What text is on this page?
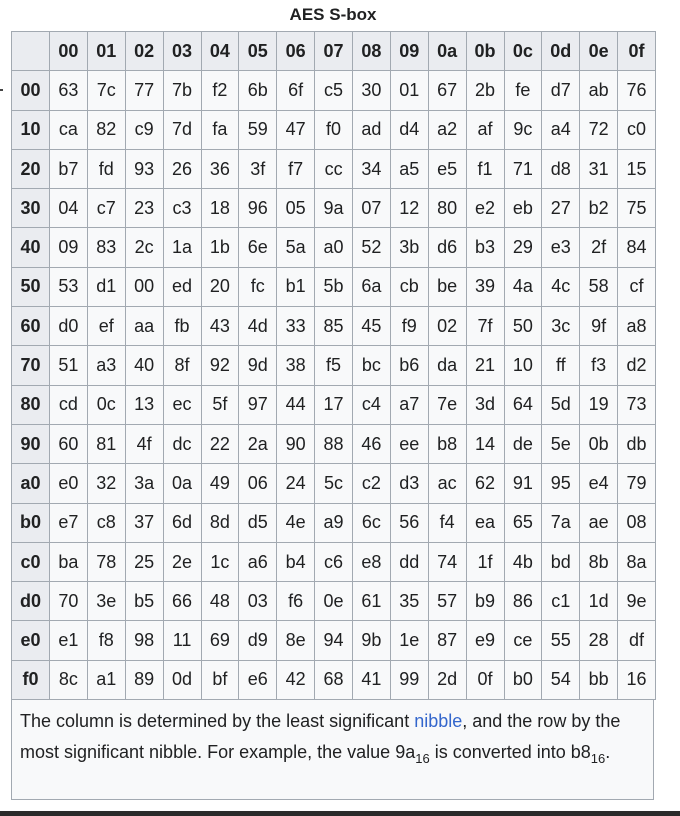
AES S-box
	00	01	02	03	04	05	06	07	08	09	0a	0b	0c	0d	0e	0f
00	63	7c	77	7b	f2	6b	6f	c5	30	01	67	2b	fe	d7	ab	76
10	ca	82	c9	7d	fa	59	47	f0	ad	d4	a2	af	9c	a4	72	c0
20	b7	fd	93	26	36	3f	f7	cc	34	a5	e5	f1	71	d8	31	15
30	04	c7	23	c3	18	96	05	9a	07	12	80	e2	eb	27	b2	75
40	09	83	2c	1a	1b	6e	5a	a0	52	3b	d6	b3	29	e3	2f	84
50	53	d1	00	ed	20	fc	b1	5b	6a	cb	be	39	4a	4c	58	cf
60	d0	ef	aa	fb	43	4d	33	85	45	f9	02	7f	50	3c	9f	a8
70	51	a3	40	8f	92	9d	38	f5	bc	b6	da	21	10	ff	f3	d2
80	cd	0c	13	ec	5f	97	44	17	c4	a7	7e	3d	64	5d	19	73
90	60	81	4f	dc	22	2a	90	88	46	ee	b8	14	de	5e	0b	db
a0	e0	32	3a	0a	49	06	24	5c	c2	d3	ac	62	91	95	e4	79
b0	e7	c8	37	6d	8d	d5	4e	a9	6c	56	f4	ea	65	7a	ae	08
c0	ba	78	25	2e	1c	a6	b4	c6	e8	dd	74	1f	4b	bd	8b	8a
d0	70	3e	b5	66	48	03	f6	0e	61	35	57	b9	86	c1	1d	9e
e0	e1	f8	98	11	69	d9	8e	94	9b	1e	87	e9	ce	55	28	df
f0	8c	a1	89	0d	bf	e6	42	68	41	99	2d	0f	b0	54	bb	16
The column is determined by the least significant nibble, and the row by the most significant nibble. For example, the value $9a_{16}$ is converted into $b8_{16}$.
